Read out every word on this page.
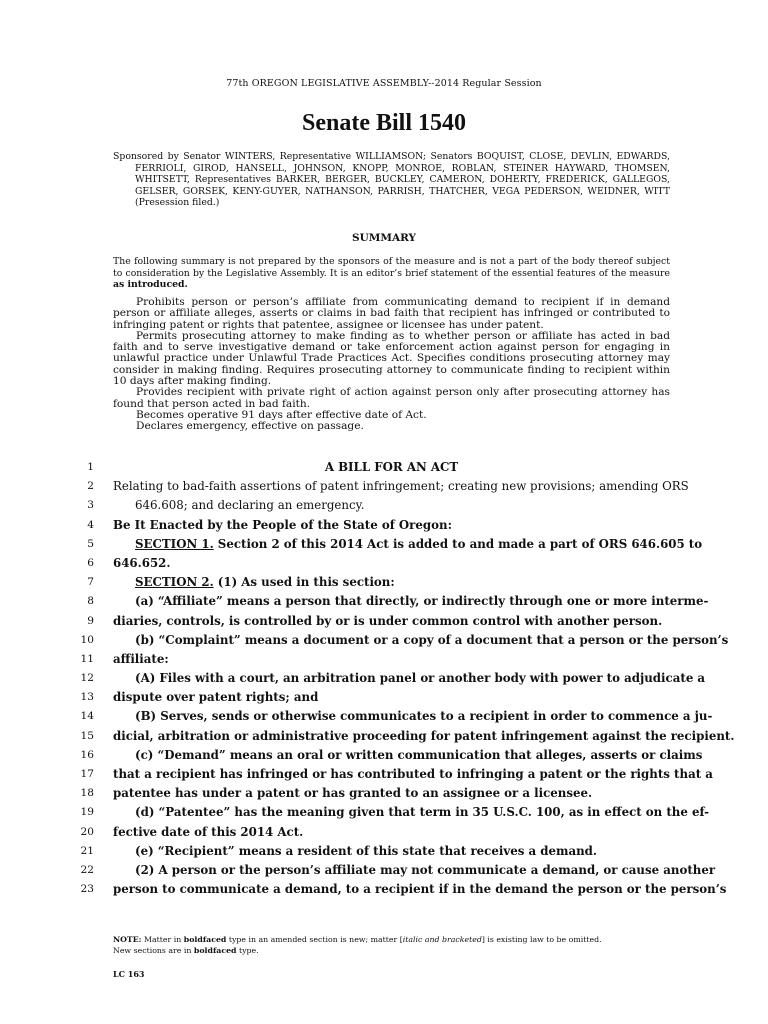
77th OREGON LEGISLATIVE ASSEMBLY--2014 Regular Session
Senate Bill 1540

Sponsored by Senator WINTERS, Representative WILLIAMSON; Senators BOQUIST, CLOSE, DEVLIN, EDWARDS, FERRIOLI, GIROD, HANSELL, JOHNSON, KNOPP, MONROE, ROBLAN, STEINER HAYWARD, THOMSEN, WHITSETT, Representatives BARKER, BERGER, BUCKLEY, CAMERON, DOHERTY, FREDERICK, GALLEGOS, GELSER, GORSEK, KENY-GUYER, NATHANSON, PARRISH, THATCHER, VEGA PEDERSON, WEIDNER, WITT (Presession filed.)

SUMMARY
The following summary is not prepared by the sponsors of the measure and is not a part of the body thereof subject to consideration by the Legislative Assembly. It is an editor’s brief statement of the essential features of the measure as introduced.

Prohibits person or person’s affiliate from communicating demand to recipient if in demand person or affiliate alleges, asserts or claims in bad faith that recipient has infringed or contributed to infringing patent or rights that patentee, assignee or licensee has under patent.

Permits prosecuting attorney to make finding as to whether person or affiliate has acted in bad faith and to serve investigative demand or take enforcement action against person for engaging in unlawful practice under Unlawful Trade Practices Act. Specifies conditions prosecuting attorney may consider in making finding. Requires prosecuting attorney to communicate finding to recipient within 10 days after making finding.

Provides recipient with private right of action against person only after prosecuting attorney has found that person acted in bad faith.

Becomes operative 91 days after effective date of Act.

Declares emergency, effective on passage.

1	A BILL FOR AN ACT
2 Relating to bad-faith assertions of patent infringement; creating new provisions; amending ORS
3	646.608; and declaring an emergency.
4 Be It Enacted by the People of the State of Oregon:
5	SECTION 1. Section 2 of this 2014 Act is added to and made a part of ORS 646.605 to
6 646.652.
7	SECTION 2. (1) As used in this section:
8	(a) “Affiliate” means a person that directly, or indirectly through one or more interme-
9 diaries, controls, is controlled by or is under common control with another person.
10	(b) “Complaint” means a document or a copy of a document that a person or the person’s
11 affiliate:
12	(A) Files with a court, an arbitration panel or another body with power to adjudicate a
13 dispute over patent rights; and
14	(B) Serves, sends or otherwise communicates to a recipient in order to commence a ju-
15 dicial, arbitration or administrative proceeding for patent infringement against the recipient.
16	(c) “Demand” means an oral or written communication that alleges, asserts or claims
17 that a recipient has infringed or has contributed to infringing a patent or the rights that a
18 patentee has under a patent or has granted to an assignee or a licensee.
19	(d) “Patentee” has the meaning given that term in 35 U.S.C. 100, as in effect on the ef-
20 fective date of this 2014 Act.
21	(e) “Recipient” means a resident of this state that receives a demand.
22	(2) A person or the person’s affiliate may not communicate a demand, or cause another
23 person to communicate a demand, to a recipient if in the demand the person or the person’s
NOTE: Matter in boldfaced type in an amended section is new; matter [italic and bracketed] is existing law to be omitted.
New sections are in boldfaced type.
LC 163
